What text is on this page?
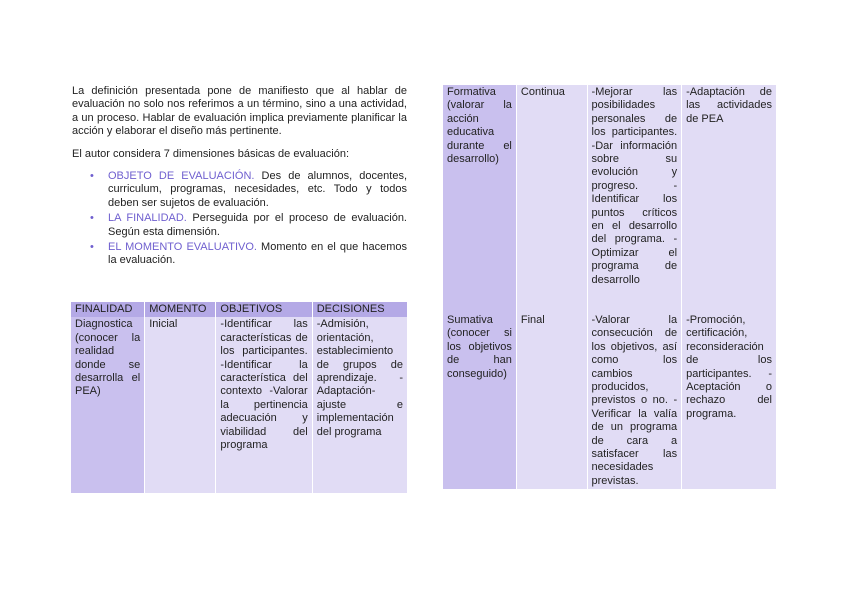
La definición presentada pone de manifiesto que al hablar de evaluación no solo nos referimos a un término, sino a una actividad, a un proceso. Hablar de evaluación implica previamente planificar la acción y elaborar el diseño más pertinente.

El autor considera 7 dimensiones básicas de evaluación:

• OBJETO DE EVALUACIÓN. Des de alumnos, docentes, curriculum, programas, necesidades, etc. Todo y todos deben ser sujetos de evaluación.
• LA FINALIDAD. Perseguida por el proceso de evaluación. Según esta dimensión.
• EL MOMENTO EVALUATIVO. Momento en el que hacemos la evaluación.
FINALIDAD	MOMENTO	OBJETIVOS	DECISIONES
Diagnostica (conocer la realidad donde se desarrolla el PEA)	Inicial	-Identificar las características de los participantes. -Identificar la característica del contexto -Valorar la pertinencia adecuación y viabilidad del programa	-Admisión, orientación, establecimiento de grupos de aprendizaje. -Adaptación-ajuste e implementación del programa
Formativa (valorar la acción educativa durante el desarrollo)	Continua	-Mejorar las posibilidades personales de los participantes. -Dar información sobre su evolución y progreso. -Identificar los puntos críticos en el desarrollo del programa. -Optimizar el programa de desarrollo	-Adaptación de las actividades de PEA
Sumativa (conocer si los objetivos de han conseguido)	Final	-Valorar la consecución de los objetivos, así como los cambios producidos, previstos o no. -Verificar la valía de un programa de cara a satisfacer las necesidades previstas.	-Promoción, certificación, reconsideración de los participantes. -Aceptación o rechazo del programa.
